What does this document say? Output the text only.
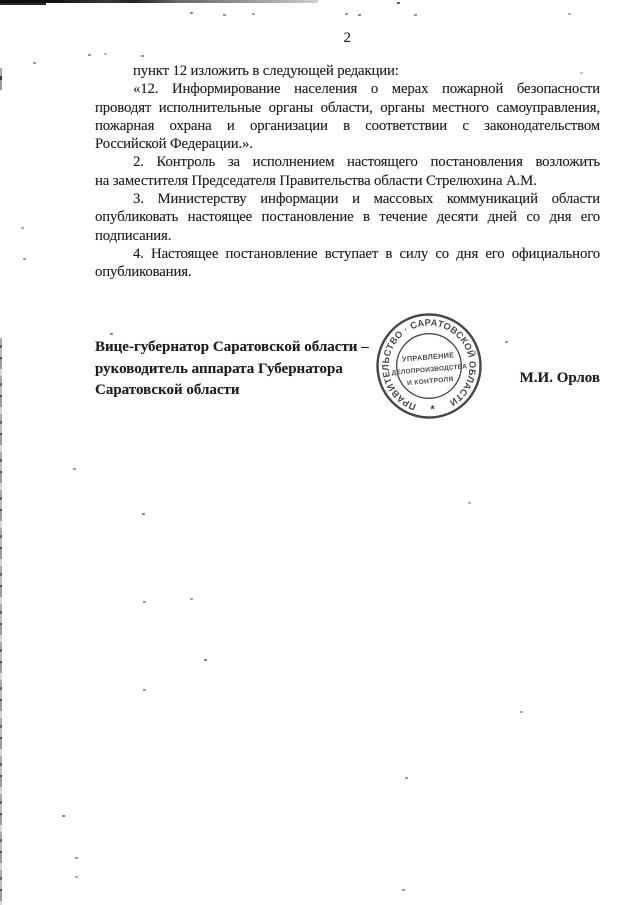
2
пункт 12 изложить в следующей редакции:
«12. Информирование населения о мерах пожарной безопасности
проводят исполнительные органы области, органы местного самоуправления,
пожарная охрана и организации в соответствии с законодательством
Российской Федерации.».
2. Контроль за исполнением настоящего постановления возложить
на заместителя Председателя Правительства области Стрелюхина А.М.
3. Министерству информации и массовых коммуникаций области
опубликовать настоящее постановление в течение десяти дней со дня его
подписания.
4. Настоящее постановление вступает в силу со дня его официального
опубликования.
Вице-губернатор Саратовской области –
руководитель аппарата Губернатора
Саратовской области
М.И. Орлов
ПРАВИТЕЛЬСТВО · САРАТОВСКОЙ ОБЛАСТИ
*
УПРАВЛЕНИЕ
ДЕЛОПРОИЗВОДСТВА
И КОНТРОЛЯ
